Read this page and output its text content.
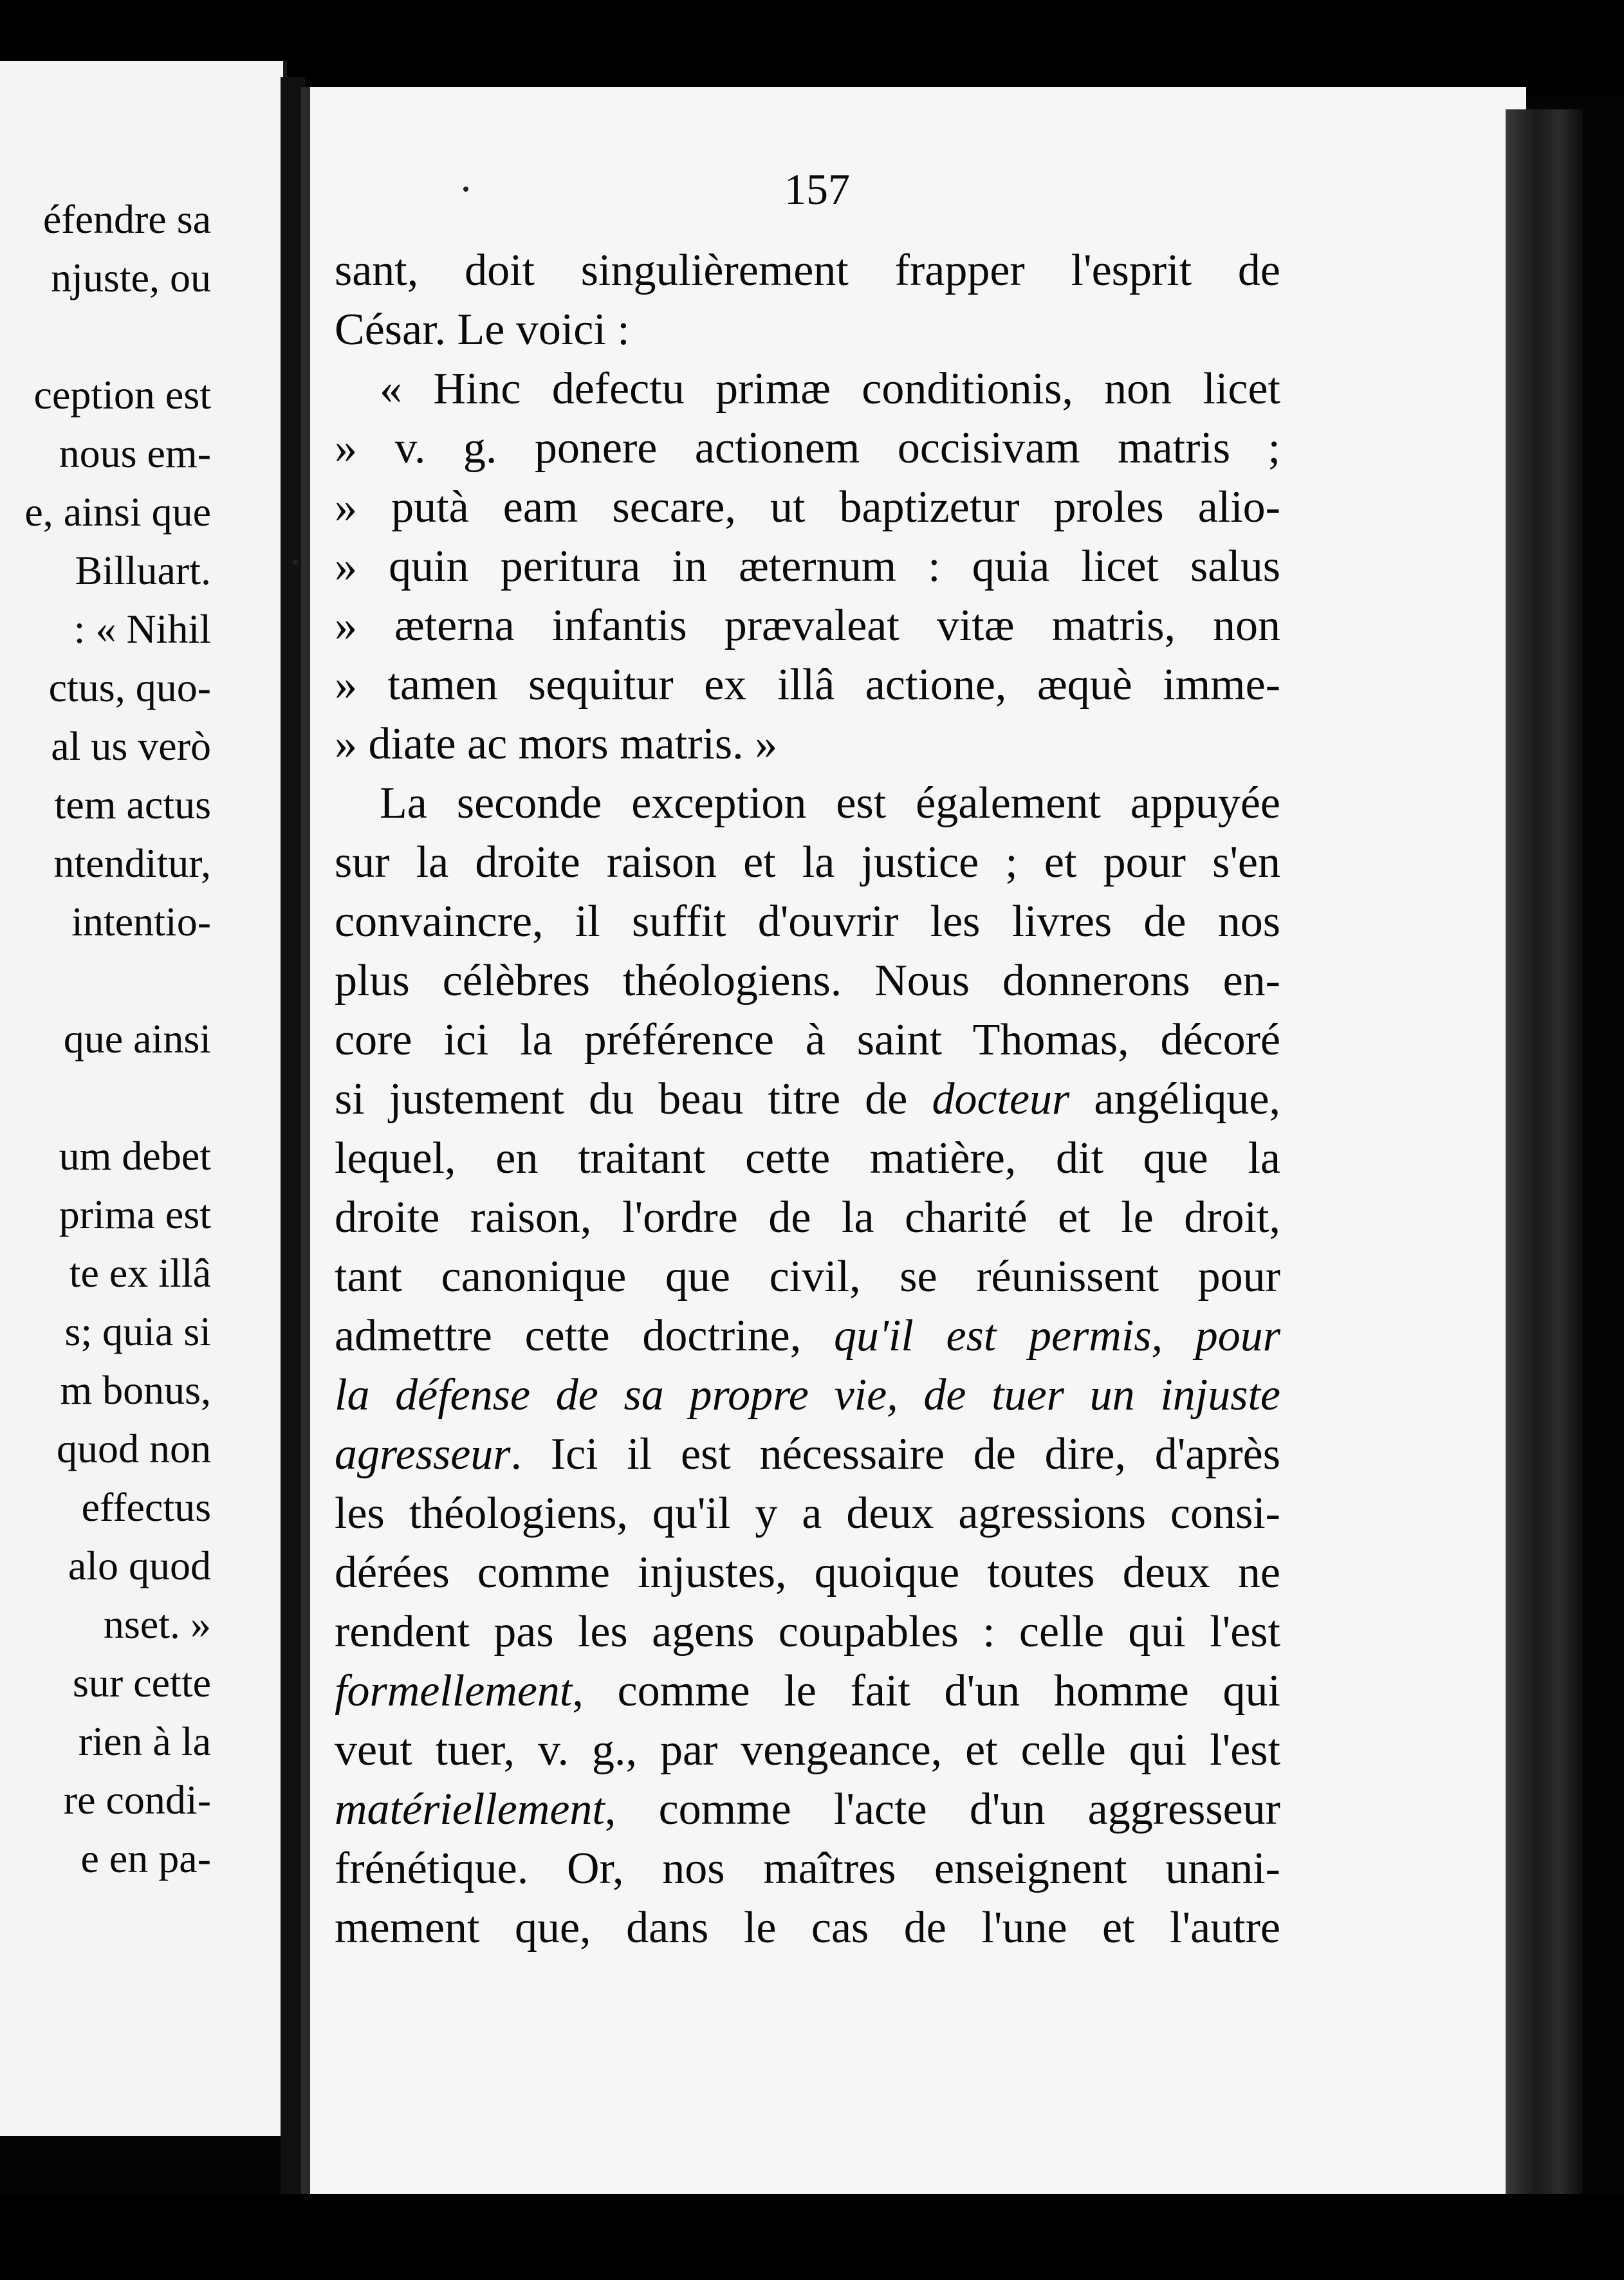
éfendre sa
njuste, ou
ception est
nous em-
e, ainsi que
Billuart.
: « Nihil
ctus, quo-
al us verò
tem actus
ntenditur,
intentio-
que ainsi
um debet
prima est
te ex illâ
s; quia si
m bonus,
quod non
effectus
alo quod
nset. »
sur cette
rien à la
re condi-
e en pa-
157
sant, doit singulièrement frapper l'esprit de
César. Le voici :
« Hinc defectu primæ conditionis, non licet
» v. g. ponere actionem occisivam matris ;
» putà eam secare, ut baptizetur proles alio-
» quin peritura in æternum : quia licet salus
» æterna infantis prævaleat vitæ matris, non
» tamen sequitur ex illâ actione, æquè imme-
» diate ac mors matris. »
La seconde exception est également appuyée
sur la droite raison et la justice ; et pour s'en
convaincre, il suffit d'ouvrir les livres de nos
plus célèbres théologiens. Nous donnerons en-
core ici la préférence à saint Thomas, décoré
si justement du beau titre de docteur angélique,
lequel, en traitant cette matière, dit que la
droite raison, l'ordre de la charité et le droit,
tant canonique que civil, se réunissent pour
admettre cette doctrine, qu'il est permis, pour
la défense de sa propre vie, de tuer un injuste
agresseur. Ici il est nécessaire de dire, d'après
les théologiens, qu'il y a deux agressions consi-
dérées comme injustes, quoique toutes deux ne
rendent pas les agens coupables : celle qui l'est
formellement, comme le fait d'un homme qui
veut tuer, v. g., par vengeance, et celle qui l'est
matériellement, comme l'acte d'un aggresseur
frénétique. Or, nos maîtres enseignent unani-
mement que, dans le cas de l'une et l'autre
